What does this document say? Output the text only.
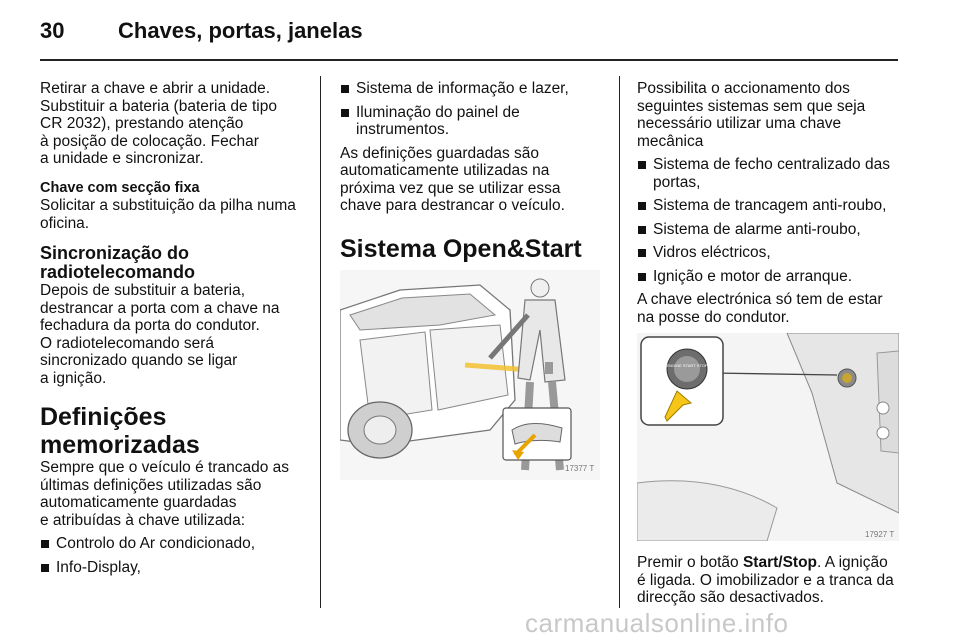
30 Chaves, portas, janelas

Retirar a chave e abrir a unidade.
Substituir a bateria (bateria de tipo
CR 2032), prestando atenção
à posição de colocação. Fechar
a unidade e sincronizar.

Chave com secção fixa

Solicitar a substituição da pilha numa
oficina.

Sincronização do
radiotelecomando

Depois de substituir a bateria,
destrancar a porta com a chave na
fechadura da porta do condutor.
O radiotelecomando será
sincronizado quando se ligar
a ignição.

Definições memorizadas

Sempre que o veículo é trancado as
últimas definições utilizadas são
automaticamente guardadas
e atribuídas à chave utilizada:

Controlo do Ar condicionado,

Info-Display,

Sistema de informação e lazer,

Iluminação do painel de
instrumentos.

As definições guardadas são
automaticamente utilizadas na
próxima vez que se utilizar essa
chave para destrancar o veículo.

Sistema Open&Start

17377 T

Possibilita o accionamento dos
seguintes sistemas sem que seja
necessário utilizar uma chave
mecânica

Sistema de fecho centralizado das
portas,

Sistema de trancagem anti-roubo,

Sistema de alarme anti-roubo,

Vidros eléctricos,

Ignição e motor de arranque.

A chave electrónica só tem de estar
na posse do condutor.

ENGINE START STOP
17927 T

Premir o botão Start/Stop. A ignição
é ligada. O imobilizador e a tranca da
direcção são desactivados.

carmanualsonline.info
